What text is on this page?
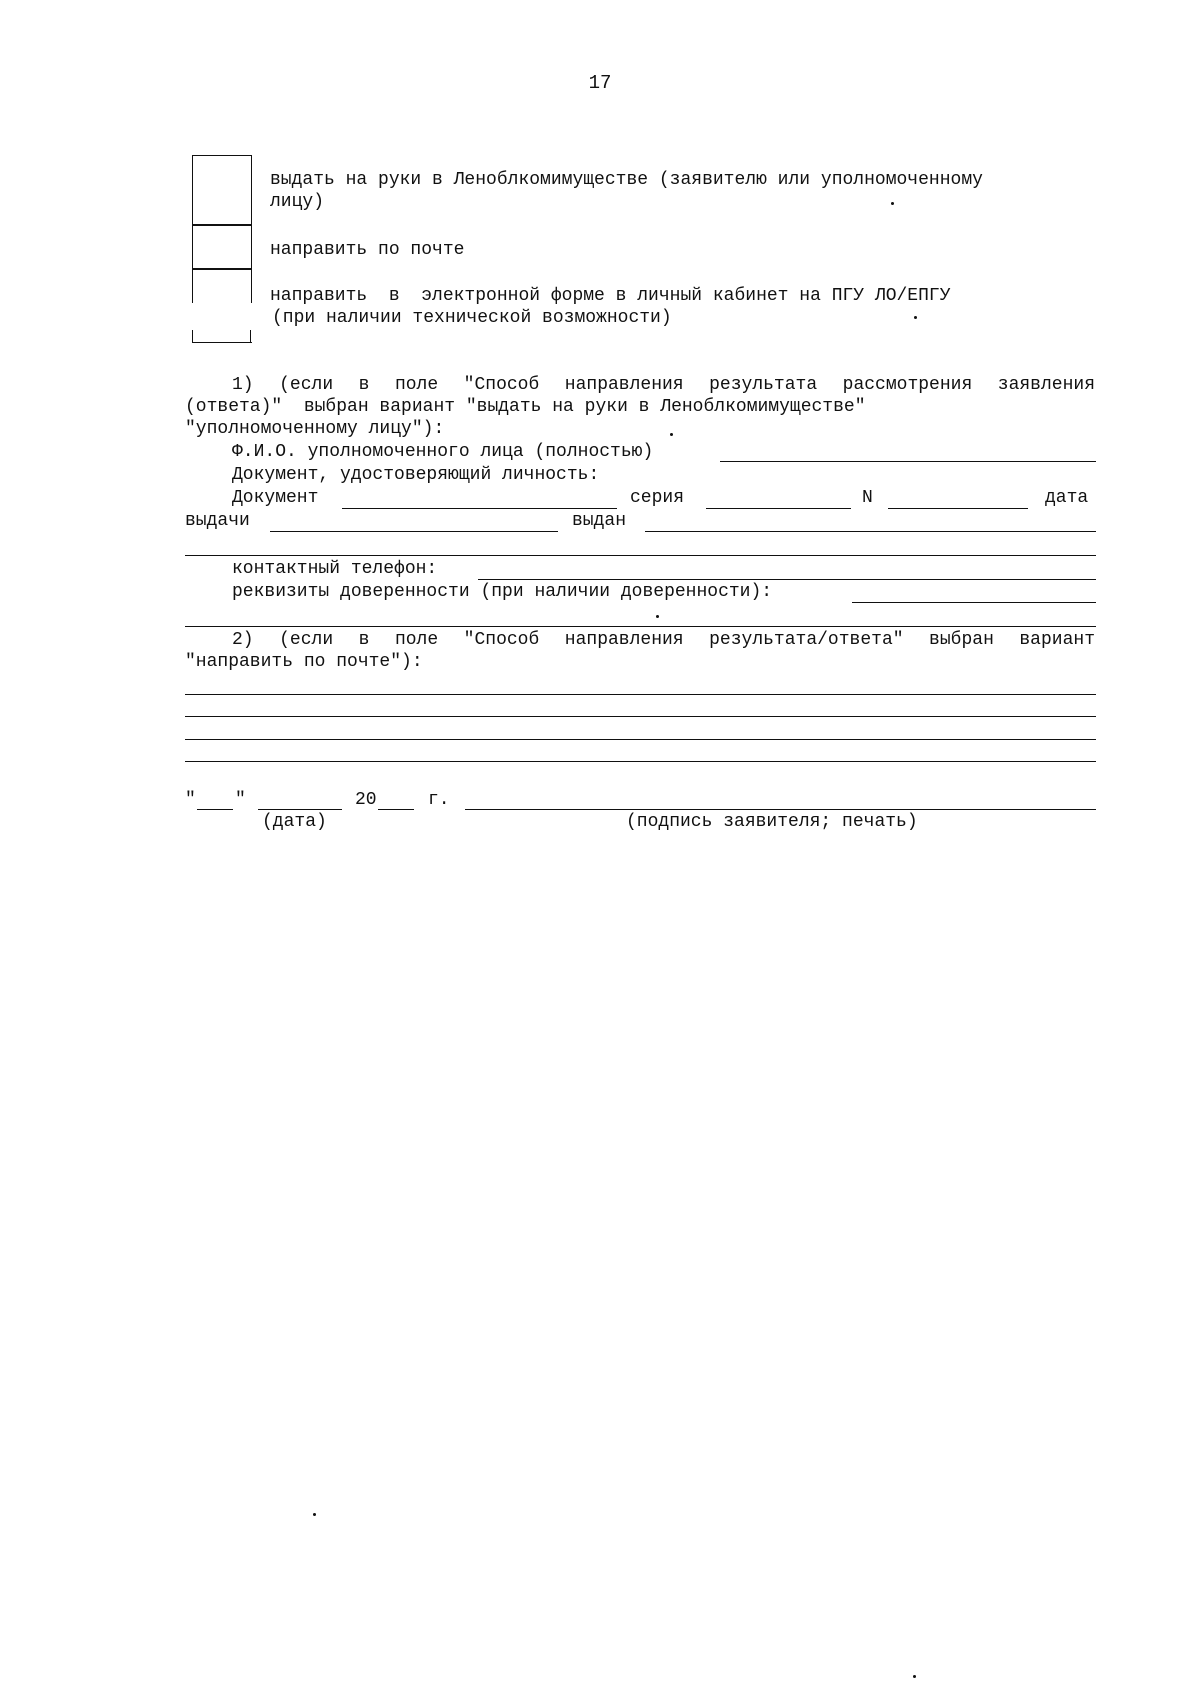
17
выдать на руки в Леноблкомимуществе (заявителю или уполномоченному
лицу)
направить по почте
направить  в  электронной форме в личный кабинет на ПГУ ЛО/ЕПГУ
(при наличии технической возможности)
1) (если в поле "Способ направления результата рассмотрения заявления
(ответа)"  выбран вариант "выдать на руки в Леноблкомимуществе"
"уполномоченному лицу"):
Ф.И.О. уполномоченного лица (полностью)
Документ, удостоверяющий личность:
Документ	серия	N	дата
выдачи	выдан
контактный телефон:
реквизиты доверенности (при наличии доверенности):
2) (если в поле "Способ направления результата/ответа" выбран вариант
"направить по почте"):
" "	20	г.
(дата)	(подпись заявителя; печать)
